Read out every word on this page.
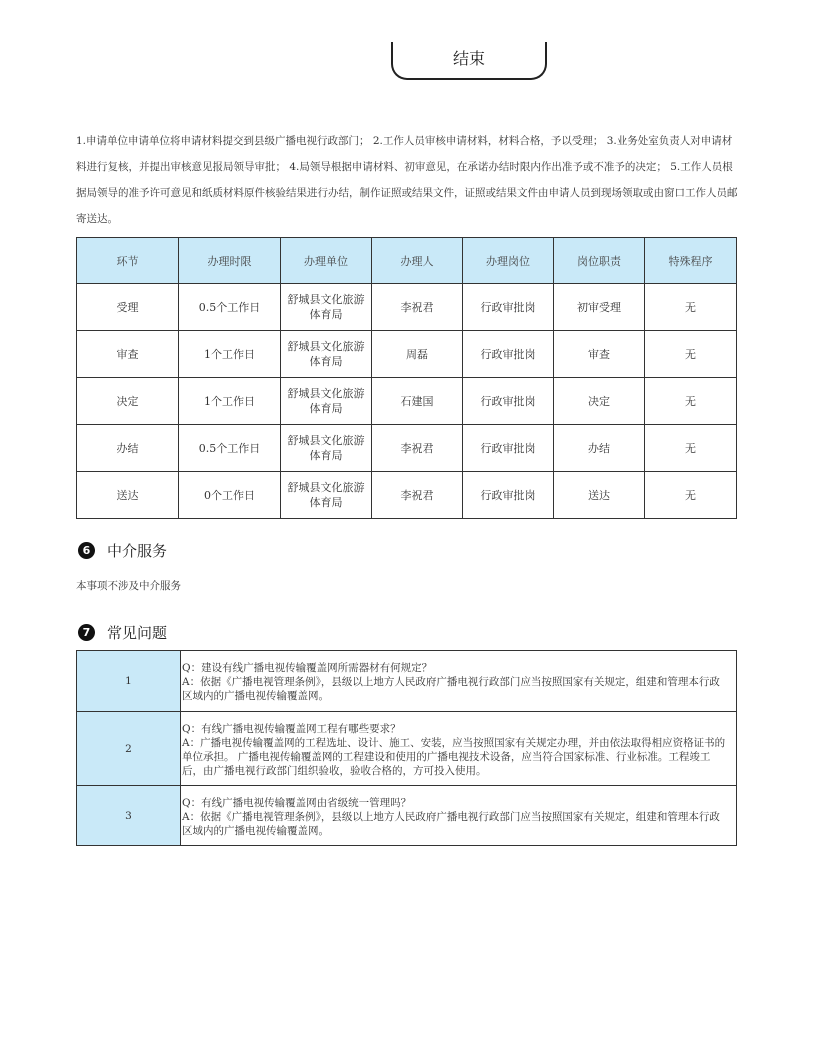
结束
1.申请单位申请单位将申请材料提交到县级广播电视行政部门； 2.工作人员审核申请材料，材料合格，予以受理； 3.业务处室负责人对申请材料进行复核，并提出审核意见报局领导审批； 4.局领导根据申请材料、初审意见，在承诺办结时限内作出准予或不准予的决定； 5.工作人员根据局领导的准予许可意见和纸质材料原件核验结果进行办结，制作证照或结果文件，证照或结果文件由申请人员到现场领取或由窗口工作人员邮寄送达。
环节	办理时限	办理单位	办理人	办理岗位	岗位职责	特殊程序
受理	0.5个工作日	舒城县文化旅游体育局	李祝君	行政审批岗	初审受理	无
审查	1个工作日	舒城县文化旅游体育局	周磊	行政审批岗	审查	无
决定	1个工作日	舒城县文化旅游体育局	石建国	行政审批岗	决定	无
办结	0.5个工作日	舒城县文化旅游体育局	李祝君	行政审批岗	办结	无
送达	0个工作日	舒城县文化旅游体育局	李祝君	行政审批岗	送达	无
6	中介服务
本事项不涉及中介服务
7	常见问题
1	Q：建设有线广播电视传输覆盖网所需器材有何规定？
A：依据《广播电视管理条例》，县级以上地方人民政府广播电视行政部门应当按照国家有关规定，组建和管理本行政区域内的广播电视传输覆盖网。

2	Q：有线广播电视传输覆盖网工程有哪些要求？
A：广播电视传输覆盖网的工程选址、设计、施工、安装，应当按照国家有关规定办理，并由依法取得相应资格证书的单位承担。 广播电视传输覆盖网的工程建设和使用的广播电视技术设备，应当符合国家标准、行业标准。工程竣工后，由广播电视行政部门组织验收，验收合格的，方可投入使用。

3	Q：有线广播电视传输覆盖网由省级统一管理吗？
A：依据《广播电视管理条例》，县级以上地方人民政府广播电视行政部门应当按照国家有关规定，组建和管理本行政区域内的广播电视传输覆盖网。
